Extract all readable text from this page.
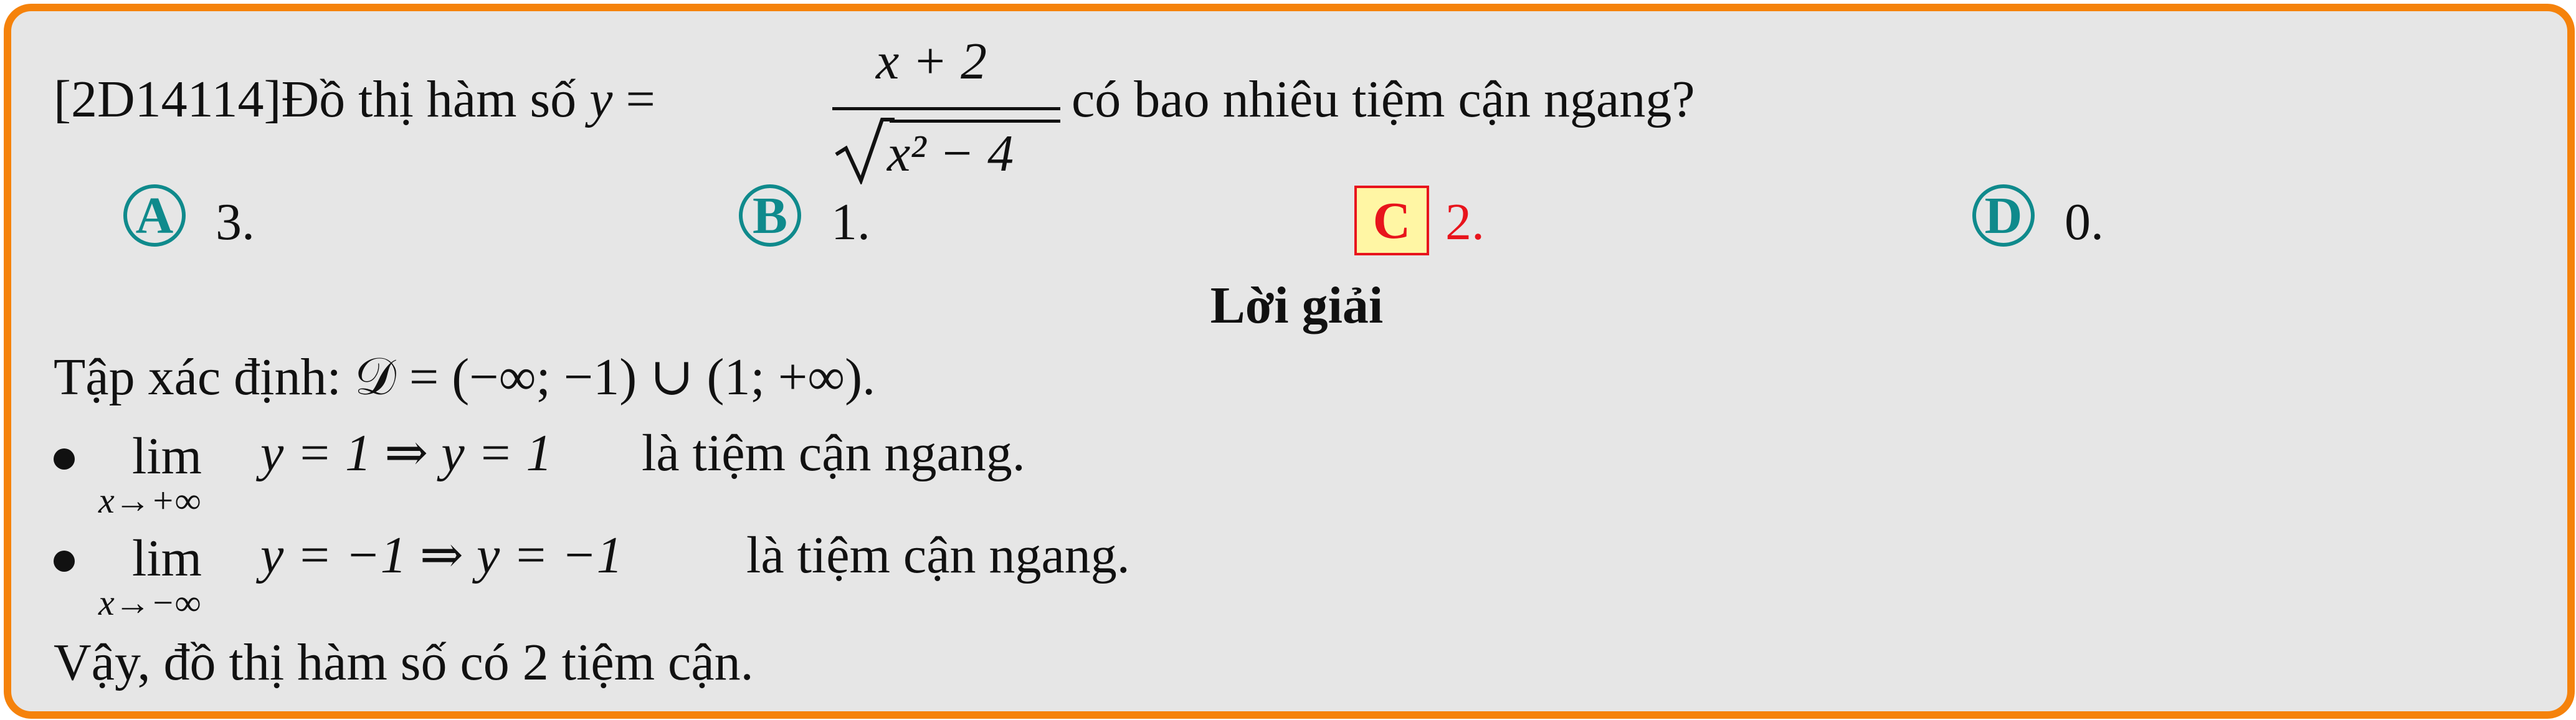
[2D14114]Đồ thị hàm số y =
x + 2
x² − 4
có bao nhiêu tiệm cận ngang?
A 3.	B 1.	C 2.	D 0.
Lời giải
Tập xác định: 𝒟 = (−∞; −1) ∪ (1; +∞).
lim
x→+∞
y = 1 ⇒ y = 1 là tiệm cận ngang.
lim
x→−∞
y = −1 ⇒ y = −1 là tiệm cận ngang.
Vậy, đồ thị hàm số có 2 tiệm cận.
